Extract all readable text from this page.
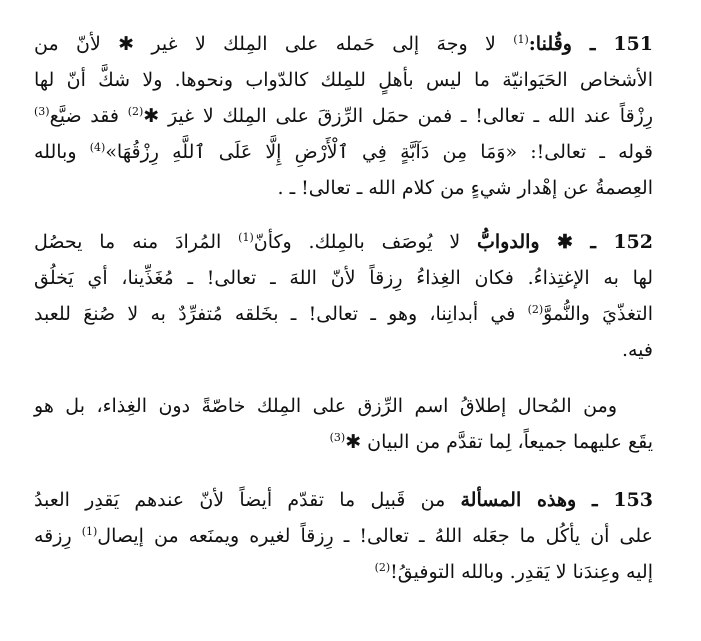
151 ـ وقُلنا:$^{(1)}$ لا وجهَ إلى حَمله على المِلك لا غير ✱ لأنّ من
الأشخاص الحَيَوانيّة ما ليس بأهلٍ للمِلك كالدّواب ونحوها. ولا شكَّ أنّ لها
رِزْقاً عند الله ـ تعالى! ـ فمن حمَل الرِّزقَ على المِلك لا غيرَ ✱$^{(2)}$ فقد ضيَّع$^{(3)}$
قوله ـ تعالى!: «وَمَا مِن دَآبَّةٍ فِي ٱلْأَرْضِ إِلَّا عَلَى ٱللَّهِ رِزْقُهَا»$^{(4)}$ وبالله
العِصمةُ عن إهْدار شيءٍ من كلام الله ـ تعالى! ـ .
152 ـ ✱ والدوابُّ لا يُوصَف بالمِلك. وكأنّ$^{(1)}$ المُرادَ منه ما يحصُل
لها به الإغتِذاءُ. فكان الغِذاءُ رِزقاً لأنّ اللهَ ـ تعالى! ـ مُغَذِّينا، أي يَخلُق
التغذّيَ والنُّموَّ$^{(2)}$ في أبدانِنا، وهو ـ تعالى! ـ بخَلقه مُتفرِّدٌ به لا صُنعَ للعبد
فيه.
ومن المُحال إطلاقُ اسم الرِّزق على المِلك خاصّةً دون الغِذاء، بل هو
يقَع عليهما جميعاً، لِما تقدَّم من البيان ✱$^{(3)}$
153 ـ وهذه المسألة من قَبيل ما تقدّم أيضاً لأنّ عندهم يَقدِر العبدُ
على أن يأكُل ما جعَله اللهُ ـ تعالى! ـ رِزقاً لغيره ويمنَعه من إيصال$^{(1)}$ رِزقه
إليه وعِندَنا لا يَقدِر. وبالله التوفيقُ!$^{(2)}$
